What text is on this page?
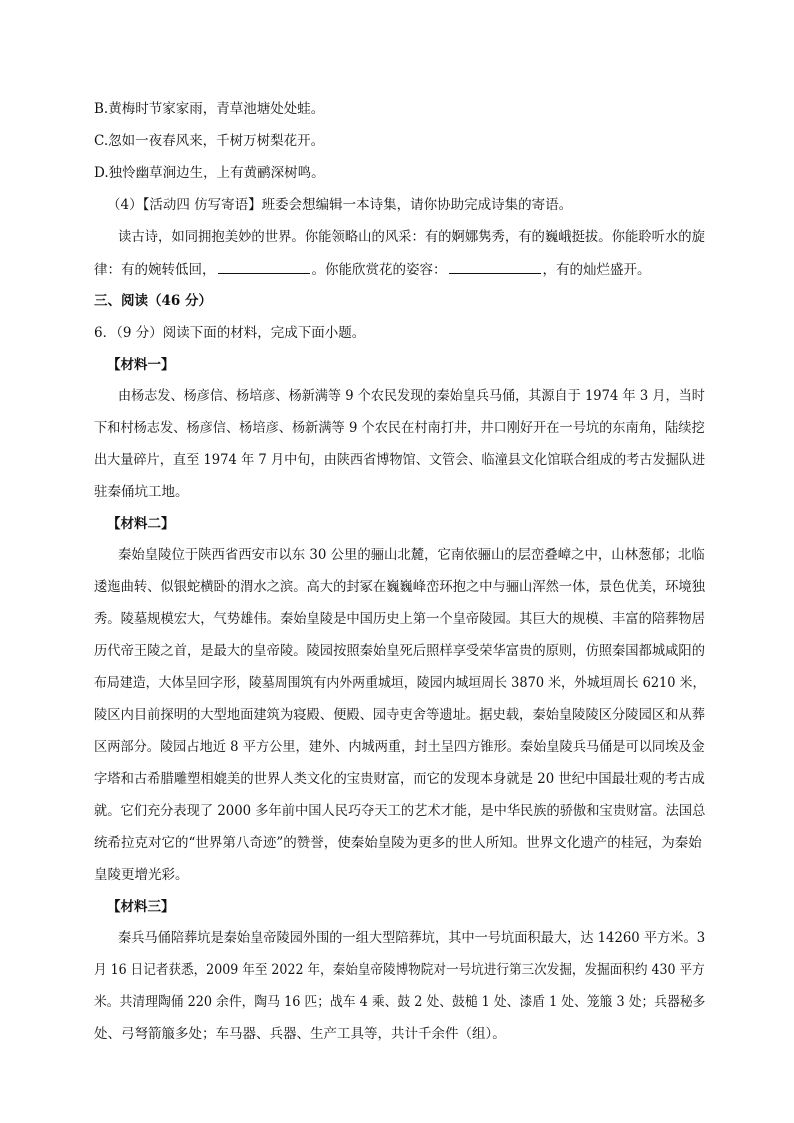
B.黄梅时节家家雨，青草池塘处处蛙。
C.忽如一夜春风来，千树万树梨花开。
D.独怜幽草涧边生，上有黄鹂深树鸣。
（4）【活动四 仿写寄语】班委会想编辑一本诗集，请你协助完成诗集的寄语。
读古诗，如同拥抱美妙的世界。你能领略山的风采：有的婀娜隽秀，有的巍峨挺拔。你能聆听水的旋
律：有的婉转低回，	。你能欣赏花的姿容：	，有的灿烂盛开。
三、阅读（46 分）
6．（9 分）阅读下面的材料，完成下面小题。
【材料一】
由杨志发、杨彦信、杨培彦、杨新满等 9 个农民发现的秦始皇兵马俑，其源自于 1974 年 3 月，当时
下和村杨志发、杨彦信、杨培彦、杨新满等 9 个农民在村南打井，井口刚好开在一号坑的东南角，陆续挖
出大量碎片，直至 1974 年 7 月中旬，由陕西省博物馆、文管会、临潼县文化馆联合组成的考古发掘队进
驻秦俑坑工地。
【材料二】
秦始皇陵位于陕西省西安市以东 30 公里的骊山北麓，它南依骊山的层峦叠嶂之中，山林葱郁；北临
逶迤曲转、似银蛇横卧的渭水之滨。高大的封冢在巍巍峰峦环抱之中与骊山浑然一体，景色优美，环境独
秀。陵墓规模宏大，气势雄伟。秦始皇陵是中国历史上第一个皇帝陵园。其巨大的规模、丰富的陪葬物居
历代帝王陵之首，是最大的皇帝陵。陵园按照秦始皇死后照样享受荣华富贵的原则，仿照秦国都城咸阳的
布局建造，大体呈回字形，陵墓周围筑有内外两重城垣，陵园内城垣周长 3870 米，外城垣周长 6210 米，
陵区内目前探明的大型地面建筑为寝殿、便殿、园寺吏舍等遗址。据史载，秦始皇陵陵区分陵园区和从葬
区两部分。陵园占地近 8 平方公里，建外、内城两重，封土呈四方锥形。秦始皇陵兵马俑是可以同埃及金
字塔和古希腊雕塑相媲美的世界人类文化的宝贵财富，而它的发现本身就是 20 世纪中国最壮观的考古成
就。它们充分表现了 2000 多年前中国人民巧夺天工的艺术才能，是中华民族的骄傲和宝贵财富。法国总
统希拉克对它的“世界第八奇迹”的赞誉，使秦始皇陵为更多的世人所知。世界文化遗产的桂冠，为秦始
皇陵更增光彩。
【材料三】
秦兵马俑陪葬坑是秦始皇帝陵园外围的一组大型陪葬坑，其中一号坑面积最大，达 14260 平方米。3
月 16 日记者获悉，2009 年至 2022 年，秦始皇帝陵博物院对一号坑进行第三次发掘，发掘面积约 430 平方
米。共清理陶俑 220 余件，陶马 16 匹；战车 4 乘、鼓 2 处、鼓槌 1 处、漆盾 1 处、笼箙 3 处；兵器秘多
处、弓弩箭箙多处；车马器、兵器、生产工具等，共计千余件（组）。
